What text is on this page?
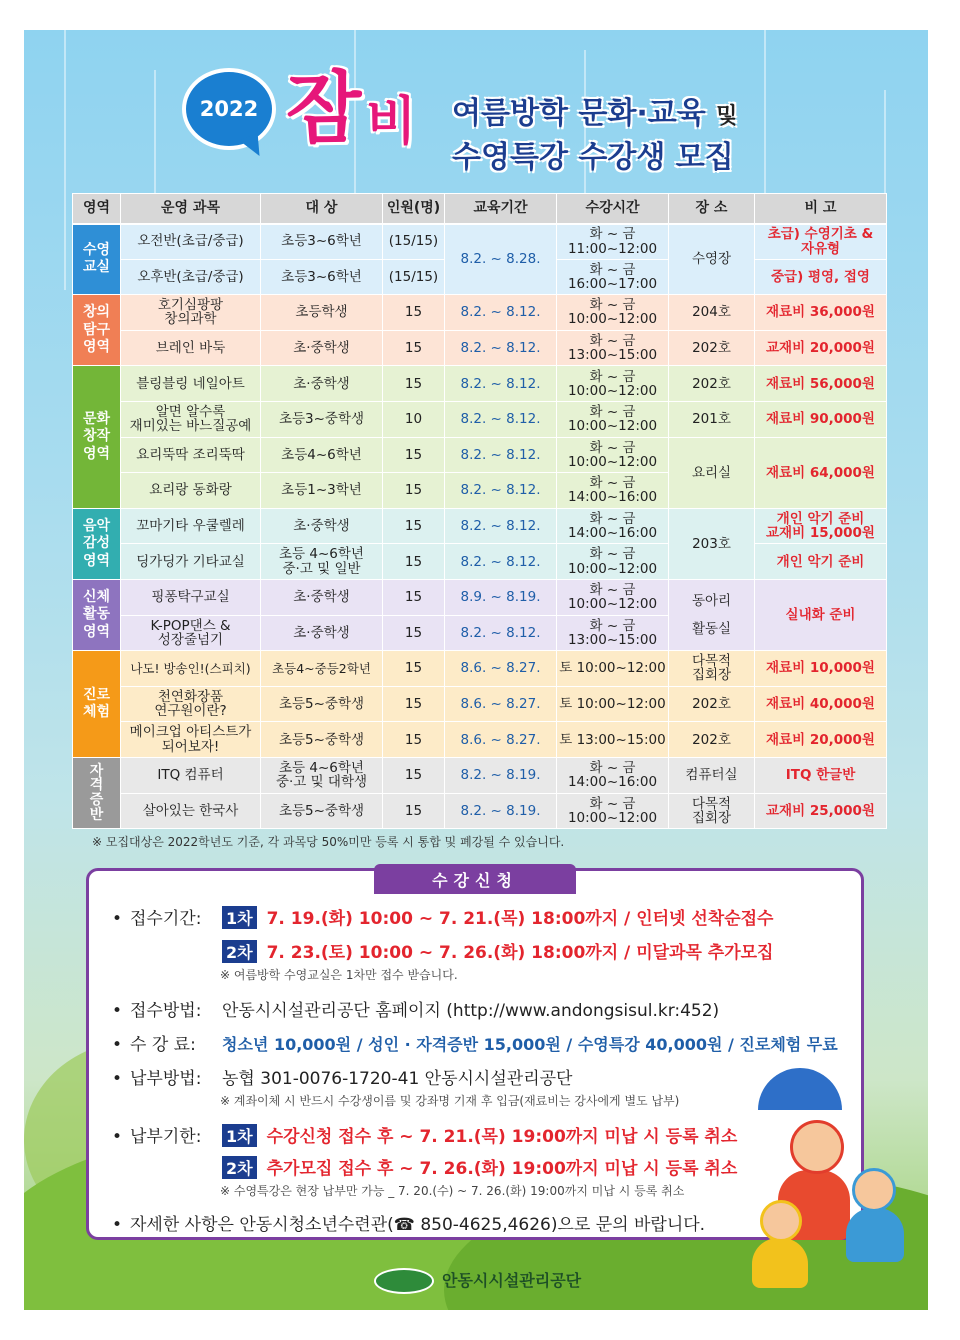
2022 잠 비 여름방학 문화·교육 및
수영특강 수강생 모집
영역	운영 과목	대 상	인원(명)	교육기간	수강시간	장 소	비 고
수영
교실	오전반(초급/중급)	초등3~6학년	(15/15)	8.2. ~ 8.28.	화 ~ 금
11:00~12:00	수영장	초급) 수영기초 &
자유형
	오후반(초급/중급)	초등3~6학년	(15/15)		화 ~ 금
16:00~17:00		중급) 평영, 접영
창의
탐구
영역	호기심팡팡
창의과학	초등학생	15	8.2. ~ 8.12.	화 ~ 금
10:00~12:00	204호	재료비 36,000원
	브레인 바둑	초·중학생	15	8.2. ~ 8.12.	화 ~ 금
13:00~15:00	202호	교재비 20,000원
문화
창작
영역	블링블링 네일아트	초·중학생	15	8.2. ~ 8.12.	화 ~ 금
10:00~12:00	202호	재료비 56,000원
	알면 알수록
재미있는 바느질공예	초등3~중학생	10	8.2. ~ 8.12.	화 ~ 금
10:00~12:00	201호	재료비 90,000원
	요리뚝딱 조리뚝딱	초등4~6학년	15	8.2. ~ 8.12.	화 ~ 금
10:00~12:00	요리실	재료비 64,000원
	요리랑 동화랑	초등1~3학년	15	8.2. ~ 8.12.	화 ~ 금
14:00~16:00		
음악
감성
영역	꼬마기타 우쿨렐레	초·중학생	15	8.2. ~ 8.12.	화 ~ 금
14:00~16:00	203호	개인 악기 준비
교재비 15,000원
	딩가딩가 기타교실	초등 4~6학년
중·고 및 일반	15	8.2. ~ 8.12.	화 ~ 금
10:00~12:00		개인 악기 준비
신체
활동
영역	핑퐁탁구교실	초·중학생	15	8.9. ~ 8.19.	화 ~ 금
10:00~12:00	동아리

활동실	실내화 준비
	K-POP댄스 &
성장줄넘기	초·중학생	15	8.2. ~ 8.12.	화 ~ 금
13:00~15:00		
진로
체험	나도! 방송인!(스피치)	초등4~중등2학년	15	8.6. ~ 8.27.	토 10:00~12:00	다목적
집회장	재료비 10,000원
	천연화장품
연구원이란?	초등5~중학생	15	8.6. ~ 8.27.	토 10:00~12:00	202호	재료비 40,000원
	메이크업 아티스트가
되어보자!	초등5~중학생	15	8.6. ~ 8.27.	토 13:00~15:00	202호	재료비 20,000원
자
격
증
반	ITQ 컴퓨터	초등 4~6학년
중·고 및 대학생	15	8.2. ~ 8.19.	화 ~ 금
14:00~16:00	컴퓨터실	ITQ 한글반
	살아있는 한국사	초등5~중학생	15	8.2. ~ 8.19.	화 ~ 금
10:00~12:00	다목적
집회장	교재비 25,000원
※ 모집대상은 2022학년도 기준, 각 과목당 50%미만 등록 시 통합 및 폐강될 수 있습니다.
수강신청
• 접수기간: 1차 7. 19.(화) 10:00 ~ 7. 21.(목) 18:00까지 / 인터넷 선착순접수
2차 7. 23.(토) 10:00 ~ 7. 26.(화) 18:00까지 / 미달과목 추가모집
※ 여름방학 수영교실은 1차만 접수 받습니다.
• 접수방법: 안동시시설관리공단 홈페이지 (http://www.andongsisul.kr:452)
• 수 강 료: 청소년 10,000원 / 성인 · 자격증반 15,000원 / 수영특강 40,000원 / 진로체험 무료
• 납부방법: 농협 301-0076-1720-41 안동시시설관리공단
※ 계좌이체 시 반드시 수강생이름 및 강좌명 기재 후 입금(재료비는 강사에게 별도 납부)
• 납부기한: 1차 수강신청 접수 후 ~ 7. 21.(목) 19:00까지 미납 시 등록 취소
2차 추가모집 접수 후 ~ 7. 26.(화) 19:00까지 미납 시 등록 취소
※ 수영특강은 현장 납부만 가능 _ 7. 20.(수) ~ 7. 26.(화) 19:00까지 미납 시 등록 취소
• 자세한 사항은 안동시청소년수련관(☎ 850-4625,4626)으로 문의 바랍니다.
안동시시설관리공단
